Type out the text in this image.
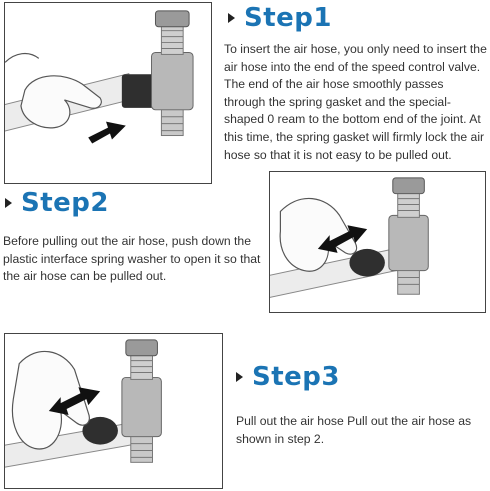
Step1

To insert the air hose, you only need to insert the air hose into the end of the speed control valve. The end of the air hose smoothly passes through the spring gasket and the special-shaped 0 ream to the bottom end of the joint. At this time, the spring gasket will firmly lock the air hose so that it is not easy to be pulled out.

Step2

Before pulling out the air hose, push down the plastic interface spring washer to open it so that the air hose can be pulled out.

Step3

Pull out the air hose Pull out the air hose as shown in step 2.
